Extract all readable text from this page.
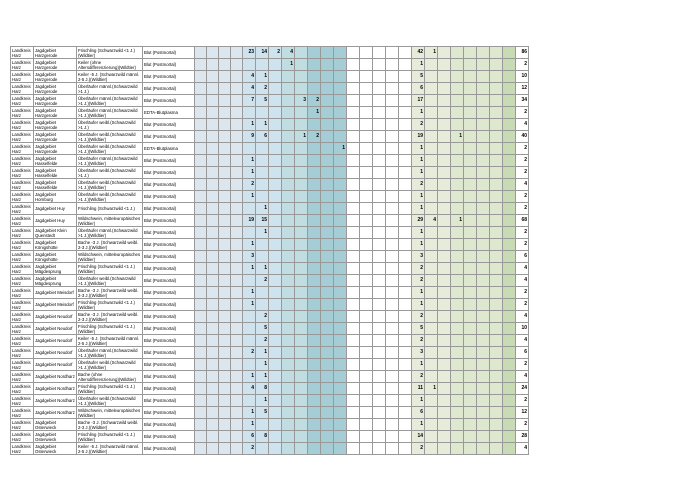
Landkreis Harz	Jagdgebiet Harzgerode	Frischling (Schwarzwild <1 J.)(Wildtier)	Blut (Postmortal)					23	14	2	4										42	1							86
Landkreis Harz	Jagdgebiet Harzgerode	Keiler (ohne Altersdifferenzierung)(Wildtier)	Blut (Postmortal)								1										1								2
Landkreis Harz	Jagdgebiet Harzgerode	Keiler -5 J. (Schwarzwild männl. 2-5 J.)(Wildtier)	Blut (Postmortal)					4	1												5								10
Landkreis Harz	Jagdgebiet Harzgerode	Überläufer männl.(Schwarzwild >1 J.)	Blut (Postmortal)					4	2												6								12
Landkreis Harz	Jagdgebiet Harzgerode	Überläufer männl.(Schwarzwild >1 J.)(Wildtier)	Blut (Postmortal)					7	5			3	2								17								34
Landkreis Harz	Jagdgebiet Harzgerode	Überläufer männl.(Schwarzwild >1 J.)(Wildtier)	EDTA-Blutplasma										1								1								2
Landkreis Harz	Jagdgebiet Harzgerode	Überläufer weibl.(Schwarzwild >1 J.)	Blut (Postmortal)					1	1												2								4
Landkreis Harz	Jagdgebiet Harzgerode	Überläufer weibl.(Schwarzwild >1 J.)(Wildtier)	Blut (Postmortal)					9	6			1	2								19			1					40
Landkreis Harz	Jagdgebiet Harzgerode	Überläufer weibl.(Schwarzwild >1 J.)(Wildtier)	EDTA-Blutplasma												1						1								2
Landkreis Harz	Jagdgebiet Hasselfelde	Überläufer männl.(Schwarzwild >1 J.)(Wildtier)	Blut (Postmortal)					1													1								2
Landkreis Harz	Jagdgebiet Hasselfelde	Überläufer weibl.(Schwarzwild >1 J.)	Blut (Postmortal)					1													1								2
Landkreis Harz	Jagdgebiet Hasselfelde	Überläufer weibl.(Schwarzwild >1 J.)(Wildtier)	Blut (Postmortal)					2													2								4
Landkreis Harz	Jagdgebiet Hornburg	Überläufer weibl.(Schwarzwild >1 J.)(Wildtier)	Blut (Postmortal)					1													1								2
Landkreis Harz	Jagdgebiet Huy	Frischling (Schwarzwild <1 J.)	Blut (Postmortal)						1												1								2
Landkreis Harz	Jagdgebiet Huy	Wildschwein, mitteleuropäisches (Wildtier)	Blut (Postmortal)					19	15												29	4		1					68
Landkreis Harz	Jagdgebiet Klein Quenstedt	Überläufer männl.(Schwarzwild >1 J.)(Wildtier)	Blut (Postmortal)						1												1								2
Landkreis Harz	Jagdgebiet Königshütte	Bache -3 J. (Schwarzwild weibl. 2-3 J.)(Wildtier)	Blut (Postmortal)					1													1								2
Landkreis Harz	Jagdgebiet Königshütte	Wildschwein, mitteleuropäisches (Wildtier)	Blut (Postmortal)					3													3								6
Landkreis Harz	Jagdgebiet Mägdesprung	Frischling (Schwarzwild <1 J.)(Wildtier)	Blut (Postmortal)					1	1												2								4
Landkreis Harz	Jagdgebiet Mägdesprung	Überläufer weibl.(Schwarzwild >1 J.)(Wildtier)	Blut (Postmortal)						2												2								4
Landkreis Harz	Jagdgebiet Meisdorf	Bache -3 J. (Schwarzwild weibl. 2-3 J.)(Wildtier)	Blut (Postmortal)					1													1								2
Landkreis Harz	Jagdgebiet Meisdorf	Frischling (Schwarzwild <1 J.)(Wildtier)	Blut (Postmortal)					1													1								2
Landkreis Harz	Jagdgebiet Neudorf	Bache -3 J. (Schwarzwild weibl. 2-3 J.)(Wildtier)	Blut (Postmortal)						2												2								4
Landkreis Harz	Jagdgebiet Neudorf	Frischling (Schwarzwild <1 J.)(Wildtier)	Blut (Postmortal)						5												5								10
Landkreis Harz	Jagdgebiet Neudorf	Keiler -5 J. (Schwarzwild männl. 2-5 J.)(Wildtier)	Blut (Postmortal)						2												2								4
Landkreis Harz	Jagdgebiet Neudorf	Überläufer männl.(Schwarzwild >1 J.)(Wildtier)	Blut (Postmortal)					2	1												3								6
Landkreis Harz	Jagdgebiet Neudorf	Überläufer weibl.(Schwarzwild >1 J.)(Wildtier)	Blut (Postmortal)						1												1								2
Landkreis Harz	Jagdgebiet Nordharz	Bache (ohne Altersdifferenzierung)(Wildtier)	Blut (Postmortal)					1	1												2								4
Landkreis Harz	Jagdgebiet Nordharz	Frischling (Schwarzwild <1 J.)(Wildtier)	Blut (Postmortal)					4	8												11	1							24
Landkreis Harz	Jagdgebiet Nordharz	Überläufer weibl.(Schwarzwild >1 J.)(Wildtier)	Blut (Postmortal)						1												1								2
Landkreis Harz	Jagdgebiet Nordharz	Wildschwein, mitteleuropäisches (Wildtier)	Blut (Postmortal)					1	5												6								12
Landkreis Harz	Jagdgebiet Osterwieck	Bache -3 J. (Schwarzwild weibl. 2-3 J.)(Wildtier)	Blut (Postmortal)					1													1								2
Landkreis Harz	Jagdgebiet Osterwieck	Frischling (Schwarzwild <1 J.)(Wildtier)	Blut (Postmortal)					6	8												14								28
Landkreis Harz	Jagdgebiet Osterwieck	Keiler -5 J. (Schwarzwild männl. 2-5 J.)(Wildtier)	Blut (Postmortal)					2													2								4
